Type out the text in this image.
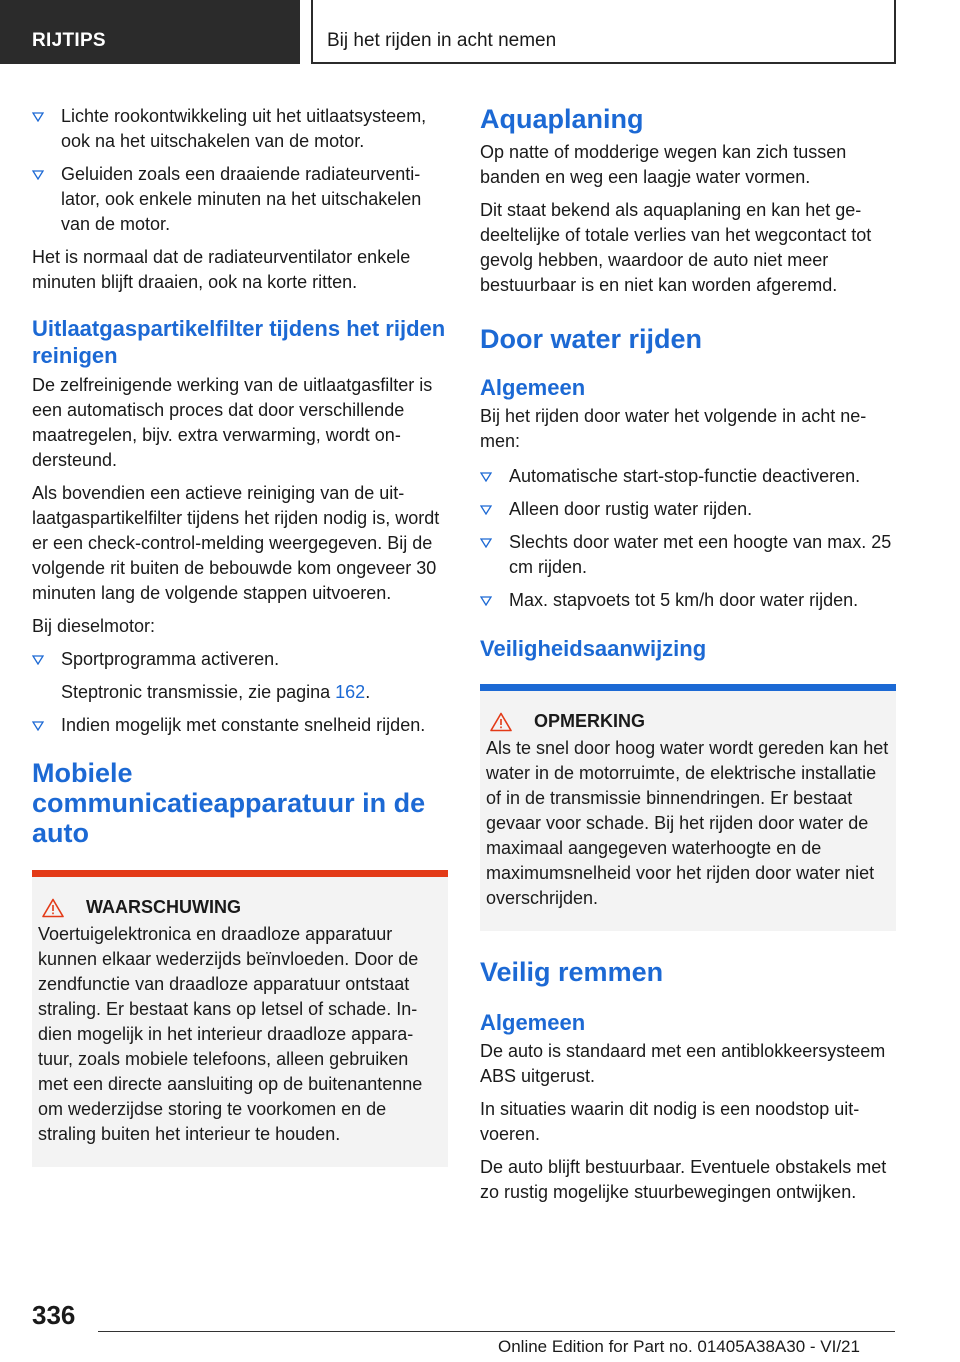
RIJTIPS	Bij het rijden in acht nemen
Lichte rookontwikkeling uit het uitlaatsysteem, ook na het uitschakelen van de motor.
Geluiden zoals een draaiende radiateurventilator, ook enkele minuten na het uitschakelen van de motor.

Het is normaal dat de radiateurventilator enkele minuten blijft draaien, ook na korte ritten.

Uitlaatgaspartikelfilter tijdens het rijden reinigen

De zelfreinigende werking van de uitlaatgasfilter is een automatisch proces dat door verschillende maatregelen, bijv. extra verwarming, wordt ondersteund.

Als bovendien een actieve reiniging van de uitlaatgaspartikelfilter tijdens het rijden nodig is, wordt er een check-control-melding weergegeven. Bij de volgende rit buiten de bebouwde kom ongeveer 30 minuten lang de volgende stappen uitvoeren.

Bij dieselmotor:

Sportprogramma activeren.
Steptronic transmissie, zie pagina 162.
Indien mogelijk met constante snelheid rijden.
Mobiele communicatieapparatuur in de auto
WAARSCHUWING

Voertuigelektronica en draadloze apparatuur kunnen elkaar wederzijds beïnvloeden. Door de zendfunctie van draadloze apparatuur ontstaat straling. Er bestaat kans op letsel of schade. Indien mogelijk in het interieur draadloze apparatuur, zoals mobiele telefoons, alleen gebruiken met een directe aansluiting op de buitenantenne om wederzijdse storing te voorkomen en de straling buiten het interieur te houden.

Aquaplaning

Op natte of modderige wegen kan zich tussen banden en weg een laagje water vormen.

Dit staat bekend als aquaplaning en kan het gedeeltelijke of totale verlies van het wegcontact tot gevolg hebben, waardoor de auto niet meer bestuurbaar is en niet kan worden afgeremd.

Door water rijden
Algemeen

Bij het rijden door water het volgende in acht nemen:

Automatische start-stop-functie deactiveren.
Alleen door rustig water rijden.
Slechts door water met een hoogte van max. 25 cm rijden.
Max. stapvoets tot 5 km/h door water rijden.
Veiligheidsaanwijzing
OPMERKING

Als te snel door hoog water wordt gereden kan het water in de motorruimte, de elektrische installatie of in de transmissie binnendringen. Er bestaat gevaar voor schade. Bij het rijden door water de maximaal aangegeven waterhoogte en de maximumsnelheid voor het rijden door water niet overschrijden.

Veilig remmen
Algemeen

De auto is standaard met een antiblokkeersysteem ABS uitgerust.

In situaties waarin dit nodig is een noodstop uitvoeren.

De auto blijft bestuurbaar. Eventuele obstakels met zo rustig mogelijke stuurbewegingen ontwijken.

336
Online Edition for Part no. 01405A38A30 - VI/21
